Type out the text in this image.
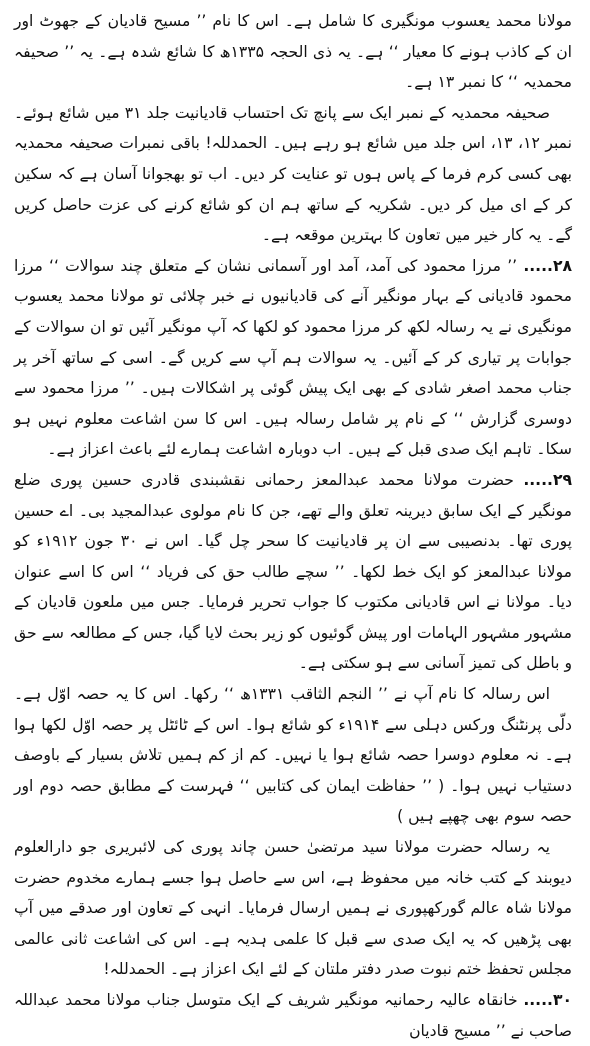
مولانا محمد یعسوب مونگیری کا شامل ہے۔ اس کا نام ’’ مسیح قادیان کے جھوٹ اور ان کے کاذب ہونے کا معیار ‘‘ ہے۔ یہ ذی الحجہ ۱۳۳۵ھ کا شائع شدہ ہے۔ یہ ’’ صحیفہ محمدیہ ‘‘ کا نمبر ۱۳ ہے۔

صحیفہ محمدیہ کے نمبر ایک سے پانچ تک احتساب قادیانیت جلد ۳۱ میں شائع ہوئے۔ نمبر ۱۲، ۱۳، اس جلد میں شائع ہو رہے ہیں۔ الحمدللہ! باقی نمبرات صحیفہ محمدیہ بھی کسی کرم فرما کے پاس ہوں تو عنایت کر دیں۔ اب تو بھجوانا آسان ہے کہ سکین کر کے ای میل کر دیں۔ شکریہ کے ساتھ ہم ان کو شائع کرنے کی عزت حاصل کریں گے۔ یہ کار خیر میں تعاون کا بہترین موقعہ ہے۔

۲۸..... ’’ مرزا محمود کی آمد، آمد اور آسمانی نشان کے متعلق چند سوالات ‘‘ مرزا محمود قادیانی کے بہار مونگیر آنے کی قادیانیوں نے خبر چلائی تو مولانا محمد یعسوب مونگیری نے یہ رسالہ لکھ کر مرزا محمود کو لکھا کہ آپ مونگیر آئیں تو ان سوالات کے جوابات پر تیاری کر کے آئیں۔ یہ سوالات ہم آپ سے کریں گے۔ اسی کے ساتھ آخر پر جناب محمد اصغر شادی کے بھی ایک پیش گوئی پر اشکالات ہیں۔ ’’ مرزا محمود سے دوسری گزارش ‘‘ کے نام پر شامل رسالہ ہیں۔ اس کا سن اشاعت معلوم نہیں ہو سکا۔ تاہم ایک صدی قبل کے ہیں۔ اب دوبارہ اشاعت ہمارے لئے باعث اعزاز ہے۔

۲۹..... حضرت مولانا محمد عبدالمعز رحمانی نقشبندی قادری حسین پوری ضلع مونگیر کے ایک سابق دیرینہ تعلق والے تھے، جن کا نام مولوی عبدالمجید بی۔ اے حسین پوری تھا۔ بدنصیبی سے ان پر قادیانیت کا سحر چل گیا۔ اس نے ۳۰ جون ۱۹۱۲ء کو مولانا عبدالمعز کو ایک خط لکھا۔ ’’ سچے طالب حق کی فریاد ‘‘ اس کا اسے عنوان دیا۔ مولانا نے اس قادیانی مکتوب کا جواب تحریر فرمایا۔ جس میں ملعون قادیان کے مشہور مشہور الہامات اور پیش گوئیوں کو زیر بحث لایا گیا، جس کے مطالعہ سے حق و باطل کی تمیز آسانی سے ہو سکتی ہے۔

اس رسالہ کا نام آپ نے ’’ النجم الثاقب ۱۳۳۱ھ ‘‘ رکھا۔ اس کا یہ حصہ اوّل ہے۔ دلّی پرنٹنگ ورکس دہلی سے ۱۹۱۴ء کو شائع ہوا۔ اس کے ٹائٹل پر حصہ اوّل لکھا ہوا ہے۔ نہ معلوم دوسرا حصہ شائع ہوا یا نہیں۔ کم از کم ہمیں تلاش بسیار کے باوصف دستیاب نہیں ہوا۔ ( ’’ حفاظت ایمان کی کتابیں ‘‘ فہرست کے مطابق حصہ دوم اور حصہ سوم بھی چھپے ہیں )

یہ رسالہ حضرت مولانا سید مرتضیٰ حسن چاند پوری کی لائبریری جو دارالعلوم دیوبند کے کتب خانہ میں محفوظ ہے، اس سے حاصل ہوا جسے ہمارے مخدوم حضرت مولانا شاہ عالم گورکھپوری نے ہمیں ارسال فرمایا۔ انہی کے تعاون اور صدقے میں آپ بھی پڑھیں کہ یہ ایک صدی سے قبل کا علمی ہدیہ ہے۔ اس کی اشاعت ثانی عالمی مجلس تحفظ ختم نبوت صدر دفتر ملتان کے لئے ایک اعزاز ہے۔ الحمدللہ!

۳۰..... خانقاہ عالیہ رحمانیہ مونگیر شریف کے ایک متوسل جناب مولانا محمد عبداللہ صاحب نے ’’ مسیح قادیان
